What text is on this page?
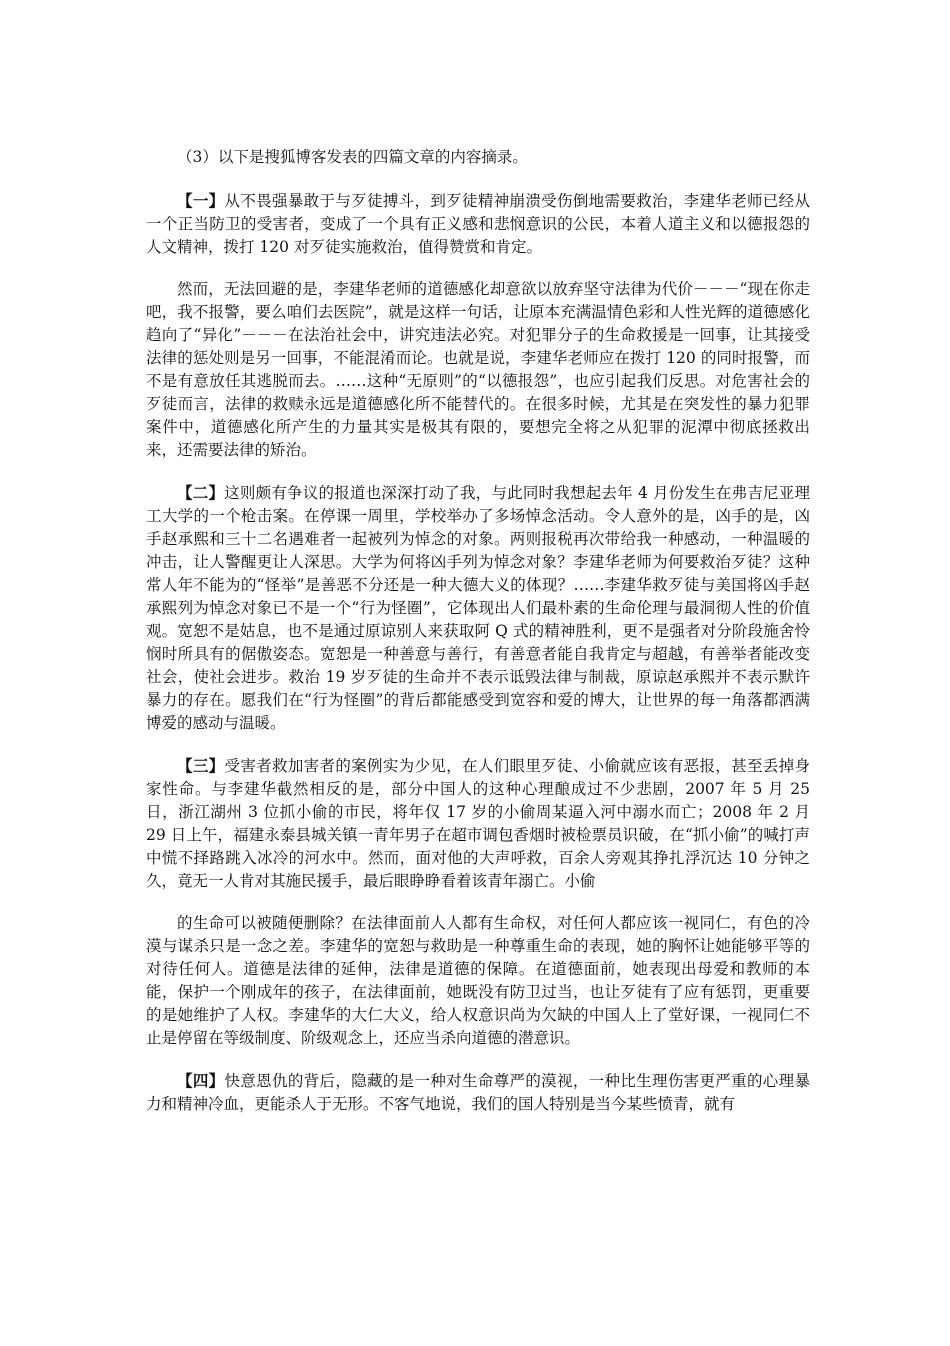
（3）以下是搜狐博客发表的四篇文章的内容摘录。

【一】从不畏强暴敢于与歹徒搏斗，到歹徒精神崩溃受伤倒地需要救治，李建华老师已经从一个正当防卫的受害者，变成了一个具有正义感和悲悯意识的公民，本着人道主义和以德报怨的人文精神，拨打 120 对歹徒实施救治，值得赞赏和肯定。

然而，无法回避的是，李建华老师的道德感化却意欲以放弃坚守法律为代价－－－“现在你走吧，我不报警，要么咱们去医院”，就是这样一句话，让原本充满温情色彩和人性光辉的道德感化趋向了“异化”－－－在法治社会中，讲究违法必究。对犯罪分子的生命救援是一回事，让其接受法律的惩处则是另一回事，不能混淆而论。也就是说，李建华老师应在拨打 120 的同时报警，而不是有意放任其逃脱而去。……这种“无原则”的“以德报怨”，也应引起我们反思。对危害社会的歹徒而言，法律的救赎永远是道德感化所不能替代的。在很多时候，尤其是在突发性的暴力犯罪案件中，道德感化所产生的力量其实是极其有限的，要想完全将之从犯罪的泥潭中彻底拯救出来，还需要法律的矫治。

【二】这则颇有争议的报道也深深打动了我，与此同时我想起去年 4 月份发生在弗吉尼亚理工大学的一个枪击案。在停课一周里，学校举办了多场悼念活动。令人意外的是，凶手的是，凶手赵承熙和三十二名遇难者一起被列为悼念的对象。两则报税再次带给我一种感动，一种温暖的冲击，让人警醒更让人深思。大学为何将凶手列为悼念对象？李建华老师为何要救治歹徒？这种常人年不能为的“怪举”是善恶不分还是一种大德大义的体现？……李建华救歹徒与美国将凶手赵承熙列为悼念对象已不是一个“行为怪圈”，它体现出人们最朴素的生命伦理与最洞彻人性的价值观。宽恕不是姑息，也不是通过原谅别人来获取阿 Q 式的精神胜利，更不是强者对分阶段施舍怜悯时所具有的倨傲姿态。宽恕是一种善意与善行，有善意者能自我肯定与超越，有善举者能改变社会，使社会进步。救治 19 岁歹徒的生命并不表示诋毁法律与制裁，原谅赵承熙并不表示默许暴力的存在。愿我们在“行为怪圈”的背后都能感受到宽容和爱的博大，让世界的每一角落都洒满博爱的感动与温暖。

【三】受害者救加害者的案例实为少见，在人们眼里歹徒、小偷就应该有恶报，甚至丢掉身家性命。与李建华截然相反的是，部分中国人的这种心理酿成过不少悲剧，2007 年 5 月 25 日，浙江湖州 3 位抓小偷的市民，将年仅 17 岁的小偷周某逼入河中溺水而亡；2008 年 2 月 29 日上午，福建永泰县城关镇一青年男子在超市调包香烟时被检票员识破，在“抓小偷”的喊打声中慌不择路跳入冰冷的河水中。然而，面对他的大声呼救，百余人旁观其挣扎浮沉达 10 分钟之久，竟无一人肯对其施民援手，最后眼睁睁看着该青年溺亡。小偷

的生命可以被随便删除？在法律面前人人都有生命权，对任何人都应该一视同仁，有色的冷漠与谋杀只是一念之差。李建华的宽恕与救助是一种尊重生命的表现，她的胸怀让她能够平等的对待任何人。道德是法律的延伸，法律是道德的保障。在道德面前，她表现出母爱和教师的本能，保护一个刚成年的孩子，在法律面前，她既没有防卫过当，也让歹徒有了应有惩罚，更重要的是她维护了人权。李建华的大仁大义，给人权意识尚为欠缺的中国人上了堂好课，一视同仁不止是停留在等级制度、阶级观念上，还应当杀向道德的潜意识。

【四】快意恩仇的背后，隐藏的是一种对生命尊严的漠视，一种比生理伤害更严重的心理暴力和精神冷血，更能杀人于无形。不客气地说，我们的国人特别是当今某些愤青，就有
